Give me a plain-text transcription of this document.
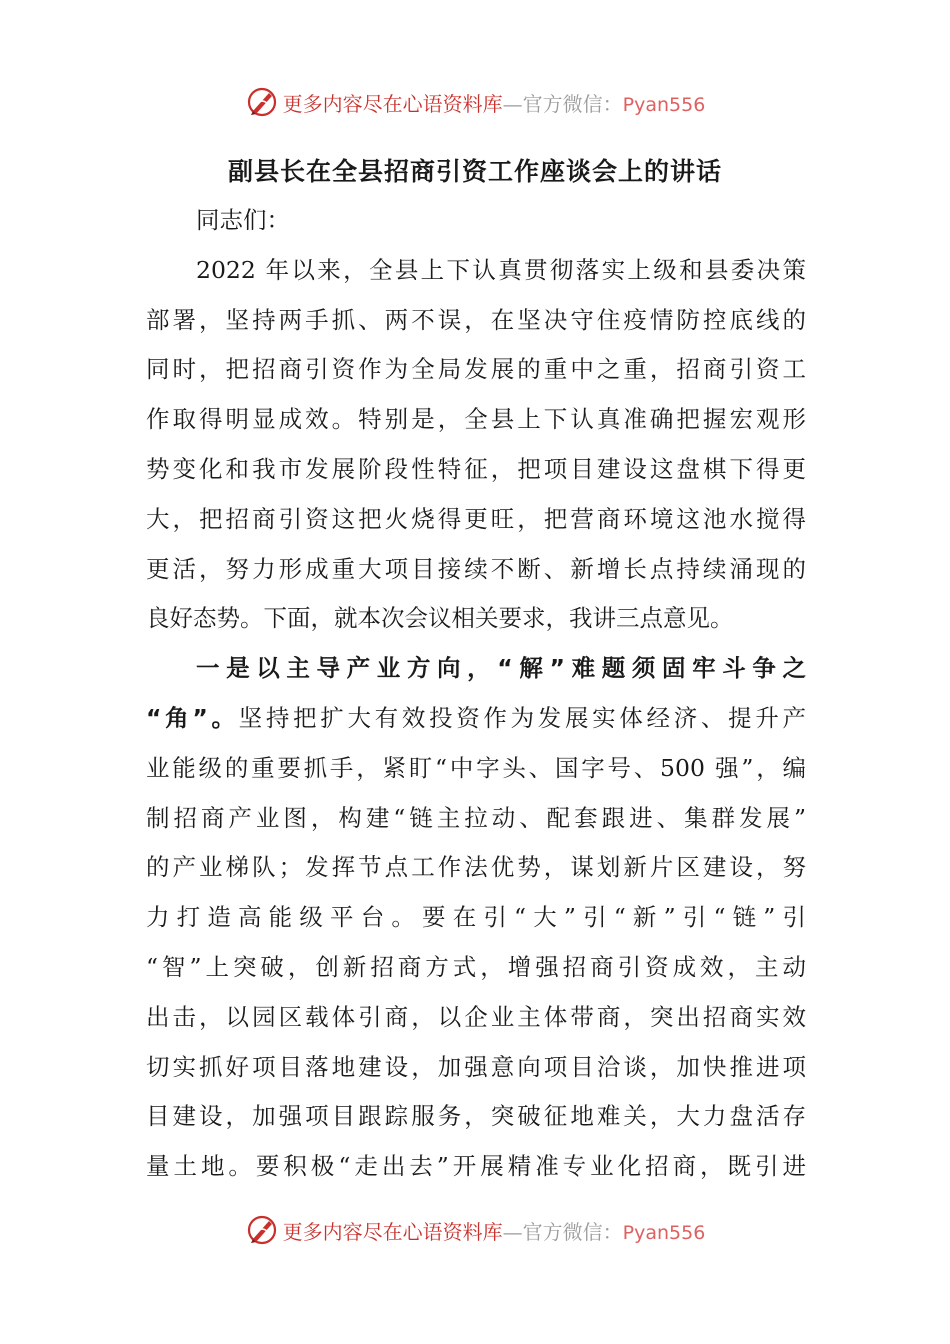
更多内容尽在心语资料库—官方微信：Pyan556
副县长在全县招商引资工作座谈会上的讲话
同志们：
2022 年以来，全县上下认真贯彻落实上级和县委决策
部署，坚持两手抓、两不误，在坚决守住疫情防控底线的
同时，把招商引资作为全局发展的重中之重，招商引资工
作取得明显成效。特别是，全县上下认真准确把握宏观形
势变化和我市发展阶段性特征，把项目建设这盘棋下得更
大，把招商引资这把火烧得更旺，把营商环境这池水搅得
更活，努力形成重大项目接续不断、新增长点持续涌现的
良好态势。下面，就本次会议相关要求，我讲三点意见。
一是以主导产业方向，“解”难题须固牢斗争之
“角”。坚持把扩大有效投资作为发展实体经济、提升产
业能级的重要抓手，紧盯“中字头、国字号、500 强”，编
制招商产业图，构建“链主拉动、配套跟进、集群发展”
的产业梯队；发挥节点工作法优势，谋划新片区建设，努
力打造高能级平台。要在引“大”引“新”引“链”引
“智”上突破，创新招商方式，增强招商引资成效，主动
出击，以园区载体引商，以企业主体带商，突出招商实效
切实抓好项目落地建设，加强意向项目洽谈，加快推进项
目建设，加强项目跟踪服务，突破征地难关，大力盘活存
量土地。要积极“走出去”开展精准专业化招商，既引进
更多内容尽在心语资料库—官方微信：Pyan556
